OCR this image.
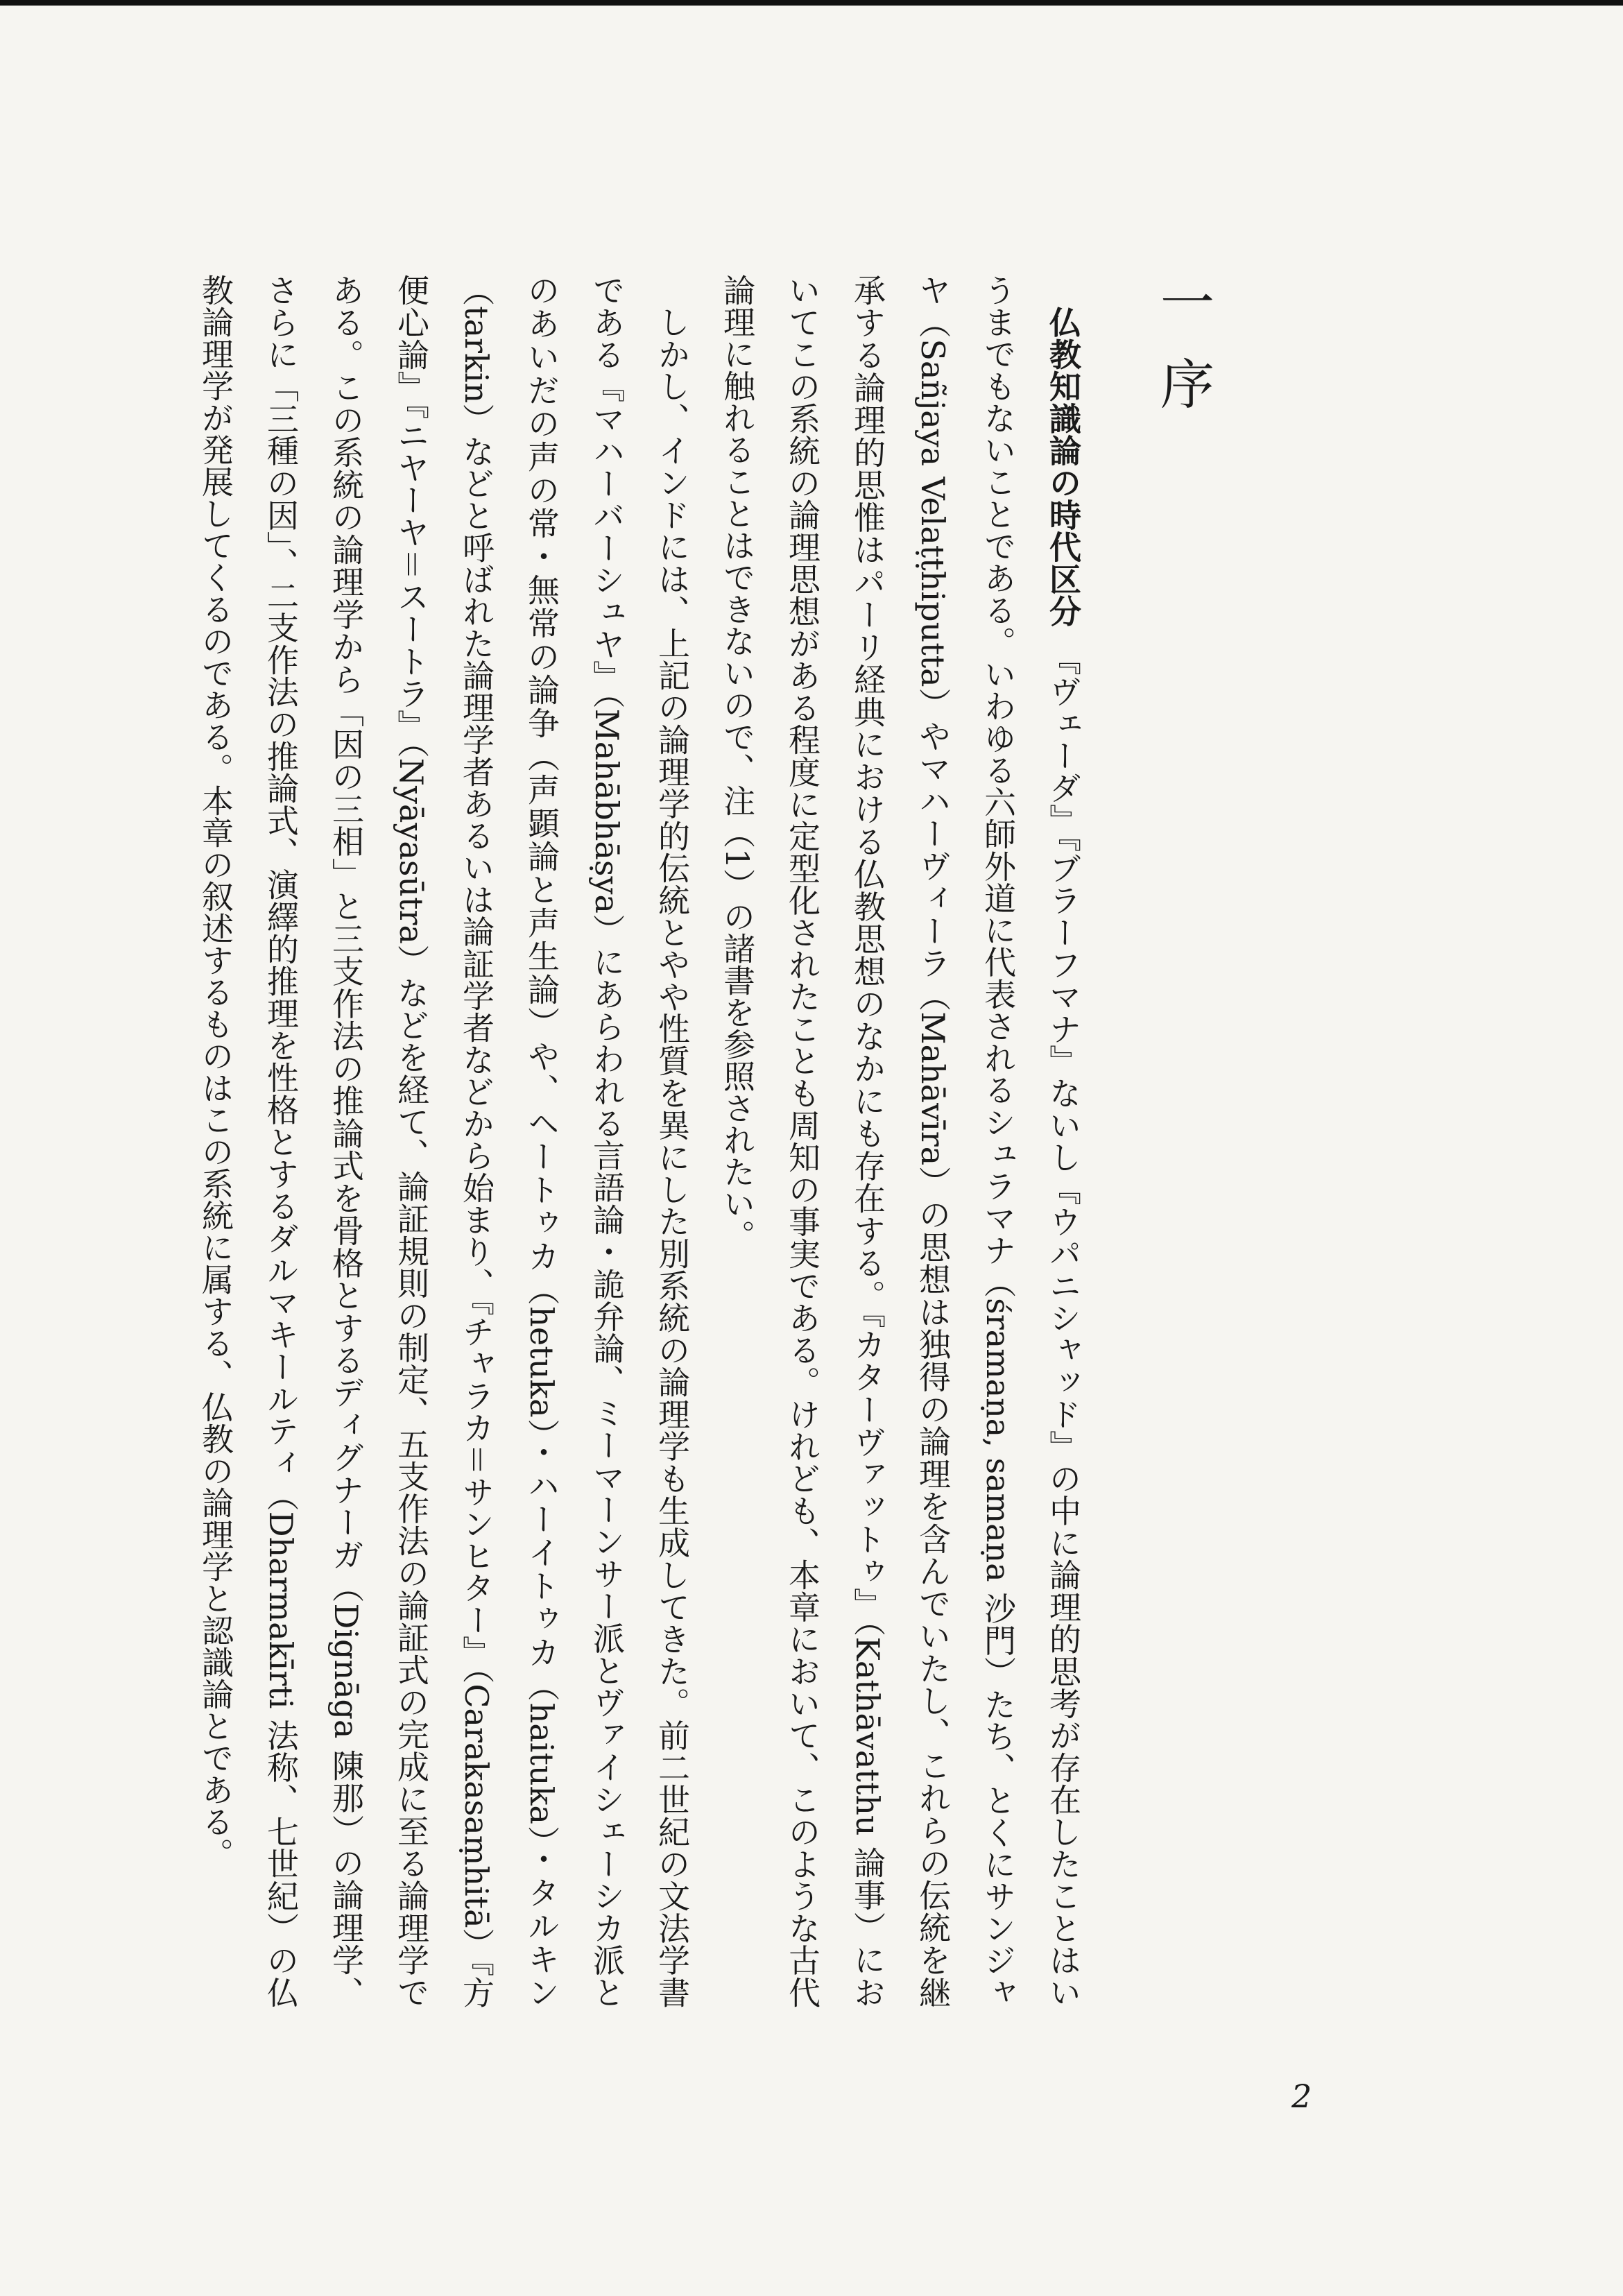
一序

仏教知識論の時代区分　『ヴェーダ』『ブラーフマナ』ないし『ウパニシャッド』の中に論理的思考が存在したことはいうまでもないことである。いわゆる六師外道に代表されるシュラマナ（śramaṇa, samaṇa 沙門）たち、とくにサンジャヤ（Sañjaya Velaṭṭhiputta）やマハーヴィーラ（Mahāvīra）の思想は独得の論理を含んでいたし、これらの伝統を継承する論理的思惟はパーリ経典における仏教思想のなかにも存在する。『カターヴァットゥ』（Kathāvatthu 論事）においてこの系統の論理思想がある程度に定型化されたことも周知の事実である。けれども、本章において、このような古代論理に触れることはできないので、注（1）の諸書を参照されたい。

しかし、インドには、上記の論理学的伝統とやや性質を異にした別系統の論理学も生成してきた。前二世紀の文法学書である『マハーバーシュヤ』（Mahābhāṣya）にあらわれる言語論・詭弁論、ミーマーンサー派とヴァイシェーシカ派とのあいだの声の常・無常の論争（声顕論と声生論）や、ヘートゥカ（hetuka）・ハーイトゥカ（haituka）・タルキン（tarkin）などと呼ばれた論理学者あるいは論証学者などから始まり、『チャラカ＝サンヒター』（Carakasaṃhitā）『方便心論』『ニヤーヤ＝スートラ』（Nyāyasūtra）などを経て、論証規則の制定、五支作法の論証式の完成に至る論理学である。この系統の論理学から「因の三相」と三支作法の推論式を骨格とするディグナーガ（Dignāga 陳那）の論理学、さらに「三種の因」、二支作法の推論式、演繹的推理を性格とするダルマキールティ（Dharmakīrti 法称、七世紀）の仏教論理学が発展してくるのである。本章の叙述するものはこの系統に属する、仏教の論理学と認識論とである。

2
